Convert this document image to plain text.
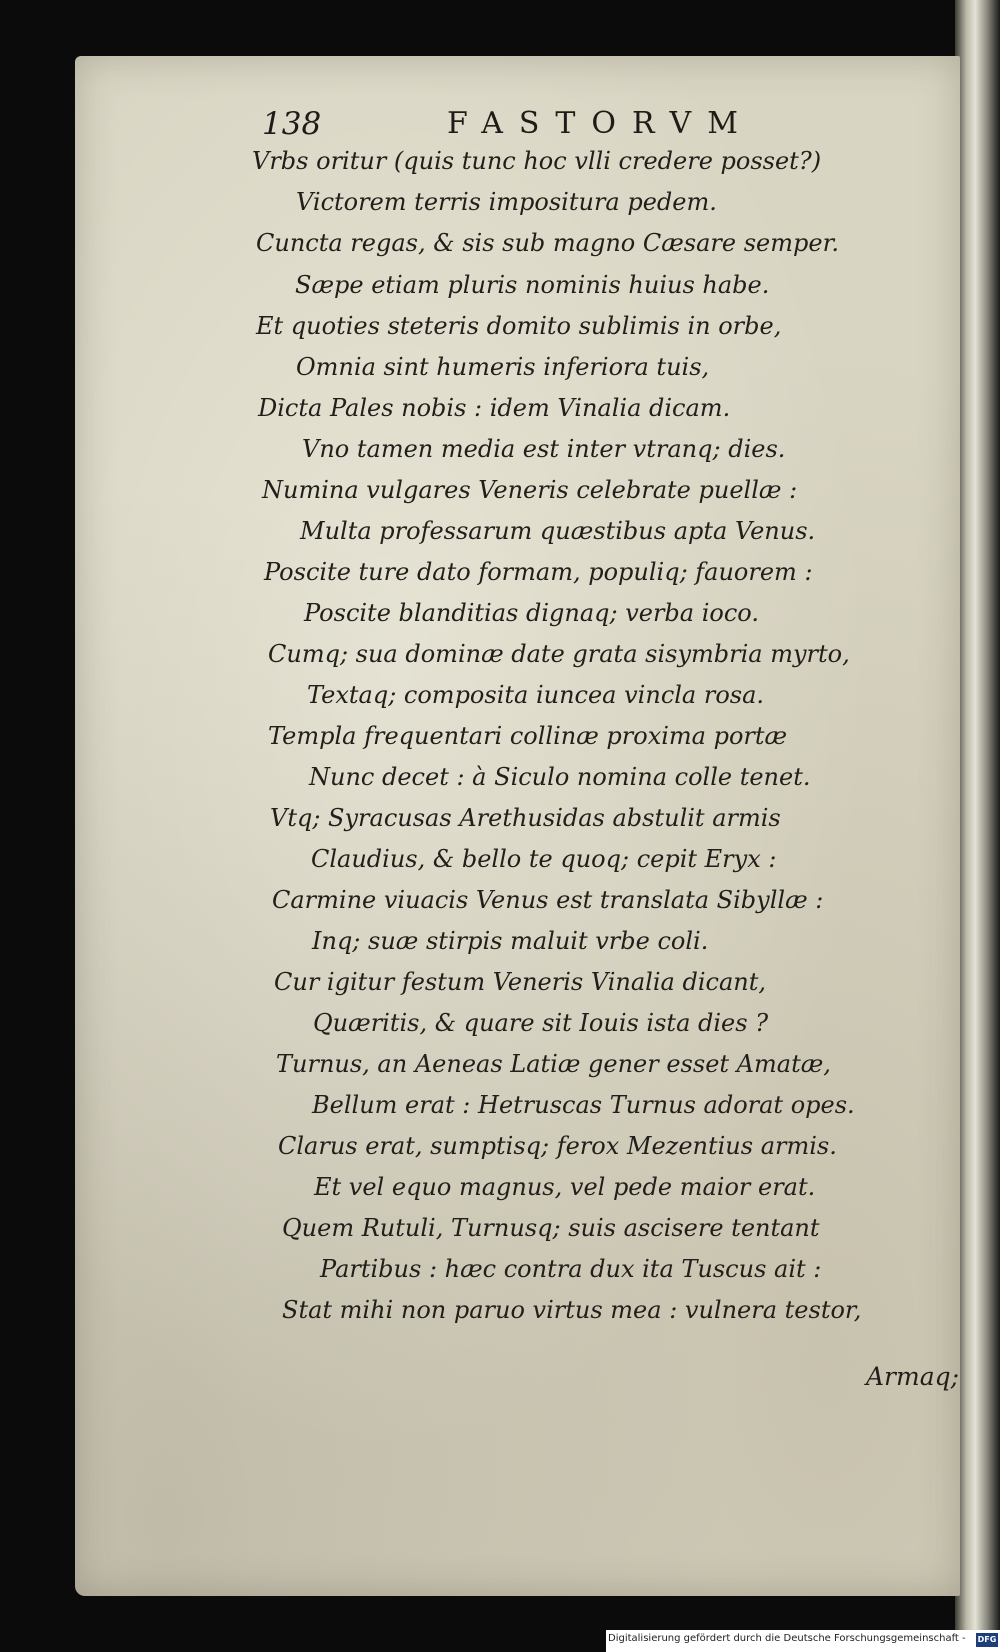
138	FASTORVM
Vrbs oritur (quis tunc hoc vlli credere posset?)
Victorem terris impositura pedem.
Cuncta regas, & sis sub magno Cæsare semper.
Sæpe etiam pluris nominis huius habe.
Et quoties steteris domito sublimis in orbe,
Omnia sint humeris inferiora tuis,
Dicta Pales nobis : idem Vinalia dicam.
Vno tamen media est inter vtranq; dies.
Numina vulgares Veneris celebrate puellæ :
Multa professarum quæstibus apta Venus.
Poscite ture dato formam, populiq; fauorem :
Poscite blanditias dignaq; verba ioco.
Cumq; sua dominæ date grata sisymbria myrto,
Textaq; composita iuncea vincla rosa.
Templa frequentari collinæ proxima portæ
Nunc decet : à Siculo nomina colle tenet.
Vtq; Syracusas Arethusidas abstulit armis
Claudius, & bello te quoq; cepit Eryx :
Carmine viuacis Venus est translata Sibyllæ :
Inq; suæ stirpis maluit vrbe coli.
Cur igitur festum Veneris Vinalia dicant,
Quæritis, & quare sit Iouis ista dies ?
Turnus, an Aeneas Latiæ gener esset Amatæ,
Bellum erat : Hetruscas Turnus adorat opes.
Clarus erat, sumptisq; ferox Mezentius armis.
Et vel equo magnus, vel pede maior erat.
Quem Rutuli, Turnusq; suis ascisere tentant
Partibus : hæc contra dux ita Tuscus ait :
Stat mihi non paruo virtus mea : vulnera testor,
Armaq;
Digitalisierung gefördert durch die Deutsche Forschungsgemeinschaft - DFG
